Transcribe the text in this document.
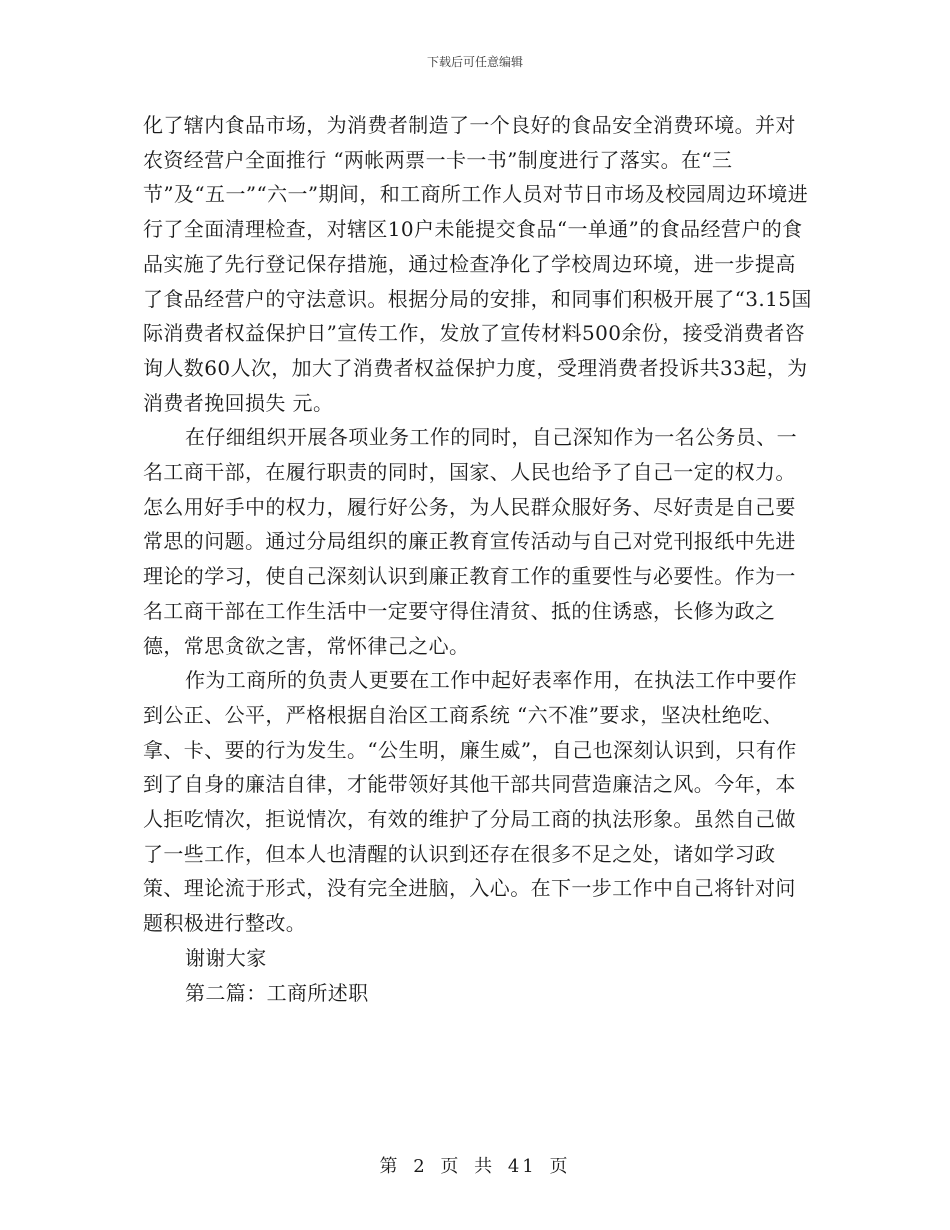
下载后可任意编辑

化了辖内食品市场，为消费者制造了一个良好的食品安全消费环境。并对农资经营户全面推行 “两帐两票一卡一书”制度进行了落实。在“三节”及“五一”“六一”期间，和工商所工作人员对节日市场及校园周边环境进行了全面清理检查，对辖区10户未能提交食品“一单通”的食品经营户的食品实施了先行登记保存措施，通过检查净化了学校周边环境，进一步提高了食品经营户的守法意识。根据分局的安排，和同事们积极开展了“3.15国际消费者权益保护日”宣传工作，发放了宣传材料500余份，接受消费者咨询人数60人次，加大了消费者权益保护力度，受理消费者投诉共33起，为消费者挽回损失 元。

在仔细组织开展各项业务工作的同时，自己深知作为一名公务员、一名工商干部，在履行职责的同时，国家、人民也给予了自己一定的权力。怎么用好手中的权力，履行好公务，为人民群众服好务、尽好责是自己要常思的问题。通过分局组织的廉正教育宣传活动与自己对党刊报纸中先进理论的学习，使自己深刻认识到廉正教育工作的重要性与必要性。作为一名工商干部在工作生活中一定要守得住清贫、抵的住诱惑，长修为政之德，常思贪欲之害，常怀律己之心。

作为工商所的负责人更要在工作中起好表率作用，在执法工作中要作到公正、公平，严格根据自治区工商系统 “六不准”要求，坚决杜绝吃、拿、卡、要的行为发生。“公生明，廉生威”，自己也深刻认识到，只有作到了自身的廉洁自律，才能带领好其他干部共同营造廉洁之风。今年，本人拒吃情次，拒说情次，有效的维护了分局工商的执法形象。虽然自己做了一些工作，但本人也清醒的认识到还存在很多不足之处，诸如学习政策、理论流于形式，没有完全进脑，入心。在下一步工作中自己将针对问题积极进行整改。

谢谢大家

第二篇：工商所述职

第 2 页 共 41 页
